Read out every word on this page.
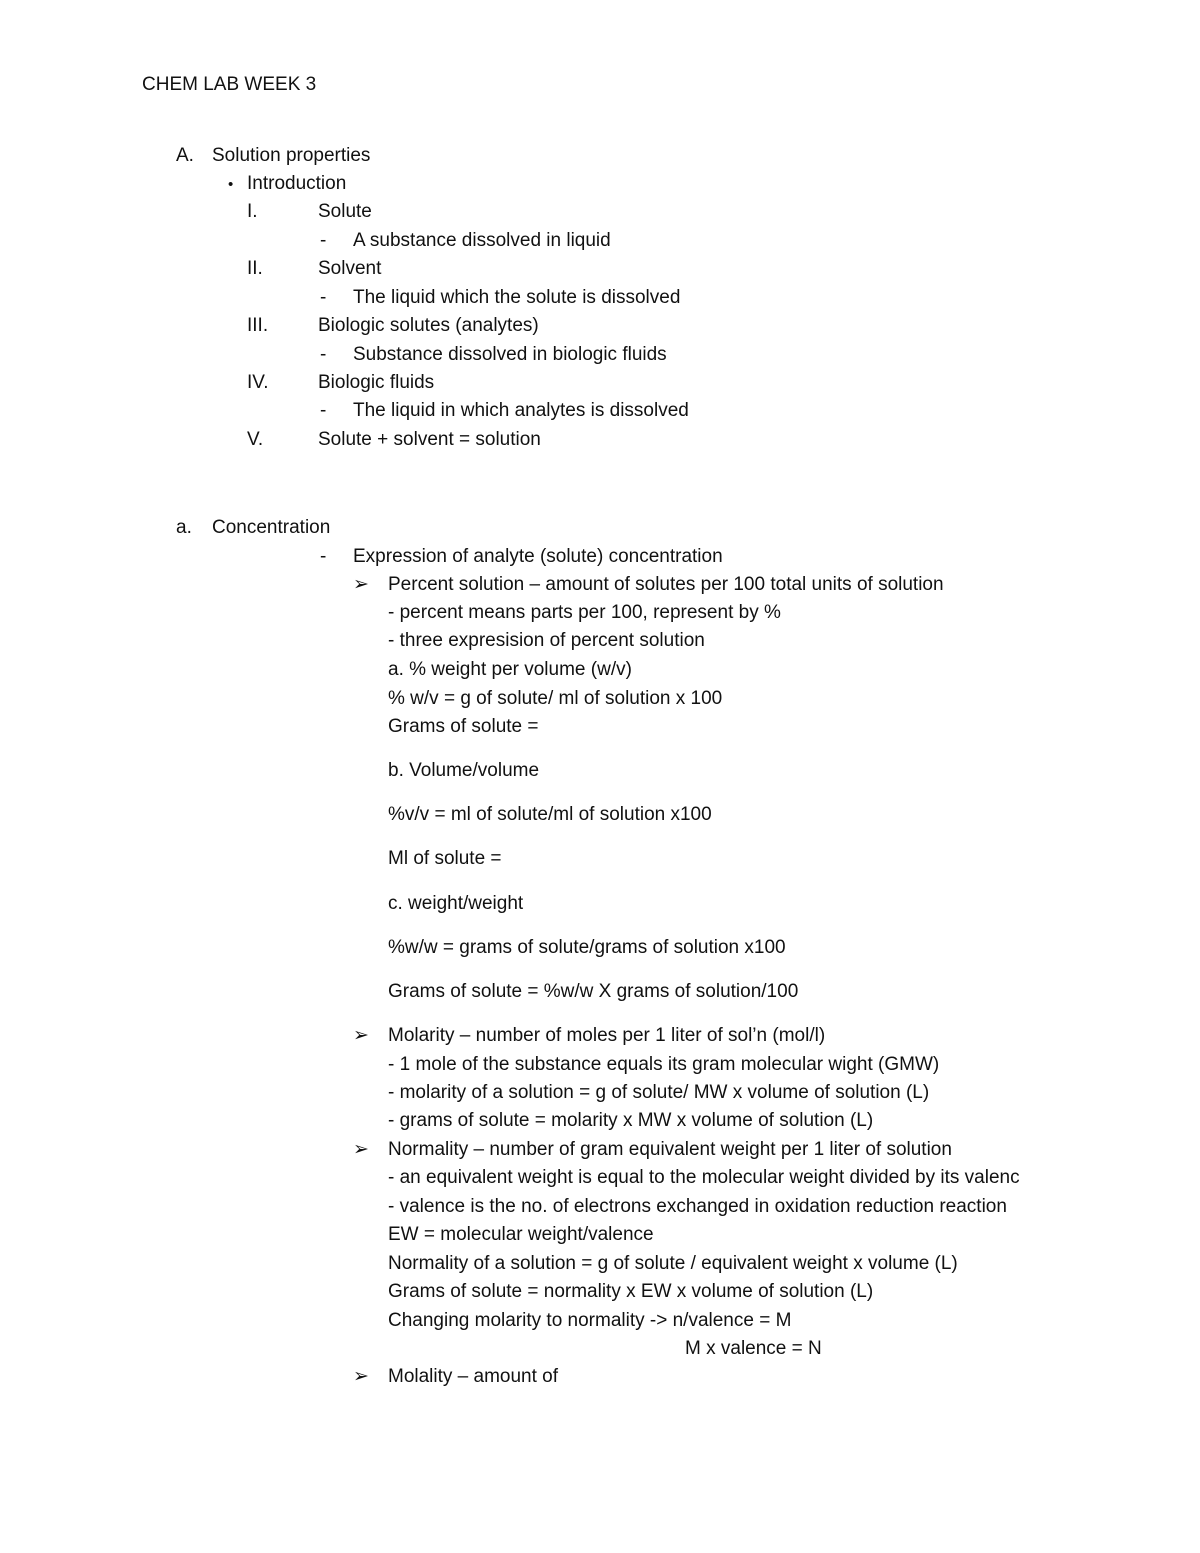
CHEM LAB WEEK 3
A. Solution properties
• Introduction
I.	Solute
- A substance dissolved in liquid
II.	Solvent
- The liquid which the solute is dissolved
III.	Biologic solutes (analytes)
- Substance dissolved in biologic fluids
IV.	Biologic fluids
- The liquid in which analytes is dissolved
V.	Solute + solvent = solution
a. Concentration
- Expression of analyte (solute) concentration
➢ Percent solution – amount of solutes per 100 total units of solution
- percent means parts per 100, represent by %
- three expresision of percent solution
a. % weight per volume (w/v)
% w/v = g of solute/ ml of solution x 100
Grams of solute =
b. Volume/volume
%v/v = ml of solute/ml of solution x100
Ml of solute =
c. weight/weight
%w/w = grams of solute/grams of solution x100
Grams of solute = %w/w X grams of solution/100
➢ Molarity – number of moles per 1 liter of sol’n (mol/l)
- 1 mole of the substance equals its gram molecular wight (GMW)
- molarity of a solution = g of solute/ MW x volume of solution (L)
- grams of solute = molarity x MW x volume of solution (L)
➢ Normality – number of gram equivalent weight per 1 liter of solution
- an equivalent weight is equal to the molecular weight divided by its valenc
- valence is the no. of electrons exchanged in oxidation reduction reaction
EW = molecular weight/valence
Normality of a solution = g of solute / equivalent weight x volume (L)
Grams of solute = normality x EW x volume of solution (L)
Changing molarity to normality -> n/valence = M
M x valence = N
➢ Molality – amount of
